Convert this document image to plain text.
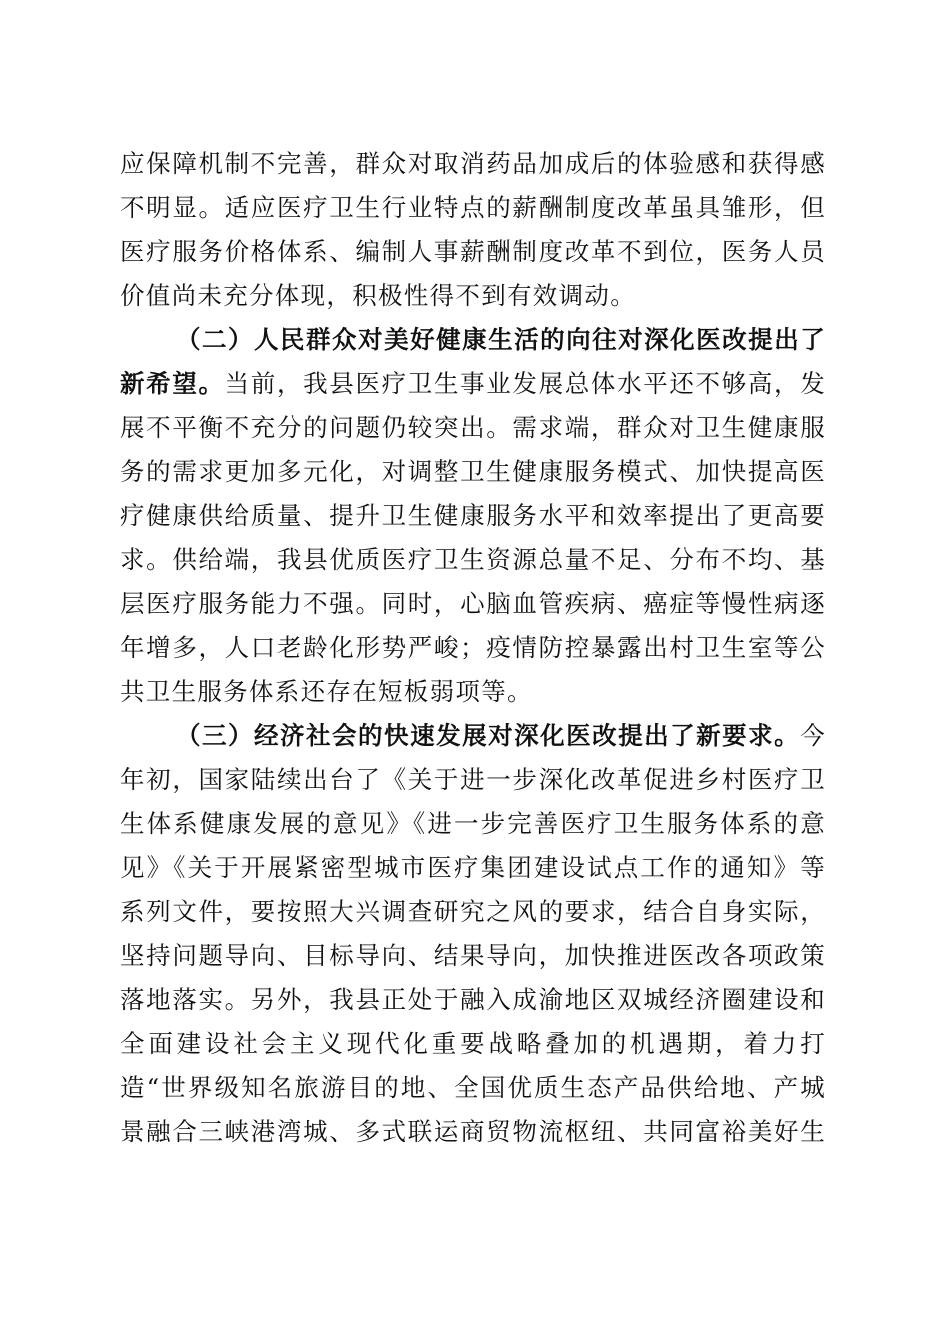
应保障机制不完善，群众对取消药品加成后的体验感和获得感
不明显。适应医疗卫生行业特点的薪酬制度改革虽具雏形，但
医疗服务价格体系、编制人事薪酬制度改革不到位，医务人员
价值尚未充分体现，积极性得不到有效调动。
（二）人民群众对美好健康生活的向往对深化医改提出了
新希望。当前，我县医疗卫生事业发展总体水平还不够高，发
展不平衡不充分的问题仍较突出。需求端，群众对卫生健康服
务的需求更加多元化，对调整卫生健康服务模式、加快提高医
疗健康供给质量、提升卫生健康服务水平和效率提出了更高要
求。供给端，我县优质医疗卫生资源总量不足、分布不均、基
层医疗服务能力不强。同时，心脑血管疾病、癌症等慢性病逐
年增多，人口老龄化形势严峻；疫情防控暴露出村卫生室等公
共卫生服务体系还存在短板弱项等。
（三）经济社会的快速发展对深化医改提出了新要求。今
年初，国家陆续出台了《关于进一步深化改革促进乡村医疗卫
生体系健康发展的意见》《进一步完善医疗卫生服务体系的意
见》《关于开展紧密型城市医疗集团建设试点工作的通知》等
系列文件，要按照大兴调查研究之风的要求，结合自身实际，
坚持问题导向、目标导向、结果导向，加快推进医改各项政策
落地落实。另外，我县正处于融入成渝地区双城经济圈建设和
全面建设社会主义现代化重要战略叠加的机遇期，着力打
造“世界级知名旅游目的地、全国优质生态产品供给地、产城
景融合三峡港湾城、多式联运商贸物流枢纽、共同富裕美好生
